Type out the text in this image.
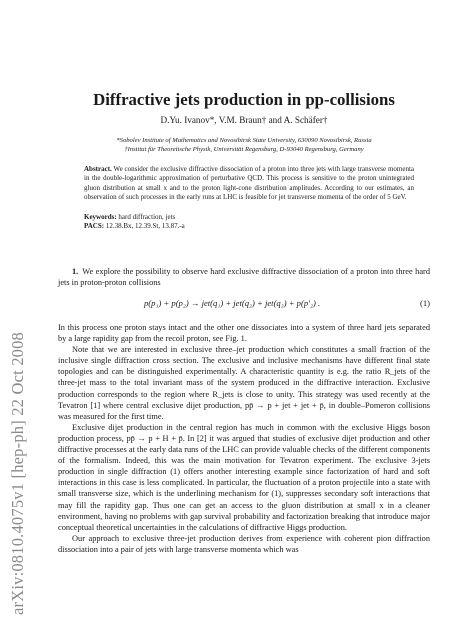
arXiv:0810.4075v1 [hep-ph] 22 Oct 2008
Diffractive jets production in pp-collisions
D.Yu. Ivanov*, V.M. Braun† and A. Schäfer†
*Sobolev Institute of Mathematics and Novosibirsk State University, 630090 Novosibirsk, Russia
†Institut für Theoretische Physik, Universität Regensburg, D-93040 Regensburg, Germany
Abstract. We consider the exclusive diffractive dissociation of a proton into three jets with large transverse momenta in the double-logarithmic approximation of perturbative QCD. This process is sensitive to the proton unintegrated gluon distribution at small x and to the proton light-cone distribution amplitudes. According to our estimates, an observation of such processes in the early runs at LHC is feasible for jet transverse momenta of the order of 5 GeV.
Keywords: hard diffraction, jets
PACS: 12.38.Bx, 12.39.St, 13.87.-a

1. We explore the possibility to observe hard exclusive diffractive dissociation of a proton into three hard jets in proton-proton collisions

p(p₁) + p(p₂) → jet(q₁) + jet(q₂) + jet(q₃) + p(p′₂) .	(1)

In this process one proton stays intact and the other one dissociates into a system of three hard jets separated by a large rapidity gap from the recoil proton, see Fig. 1.

Note that we are interested in exclusive three–jet production which constitutes a small fraction of the inclusive single diffraction cross section. The exclusive and inclusive mechanisms have different final state topologies and can be distinguished experimentally. A characteristic quantity is e.g. the ratio R_jets of the three-jet mass to the total invariant mass of the system produced in the diffractive interaction. Exclusive production corresponds to the region where R_jets is close to unity. This strategy was used recently at the Tevatron [1] where central exclusive dijet production, pp̄ → p + jet + jet + p̄, in double–Pomeron collisions was measured for the first time.

Exclusive dijet production in the central region has much in common with the exclusive Higgs boson production process, pp̄ → p + H + p̄. In [2] it was argued that studies of exclusive dijet production and other diffractive processes at the early data runs of the LHC can provide valuable checks of the different components of the formalism. Indeed, this was the main motivation for Tevatron experiment. The exclusive 3-jets production in single diffraction (1) offers another interesting example since factorization of hard and soft interactions in this case is less complicated. In particular, the fluctuation of a proton projectile into a state with small transverse size, which is the underlining mechanism for (1), suppresses secondary soft interactions that may fill the rapidity gap. Thus one can get an access to the gluon distribution at small x in a cleaner environment, having no problems with gap survival probability and factorization breaking that introduce major conceptual theoretical uncertainties in the calculations of diffractive Higgs production.

Our approach to exclusive three-jet production derives from experience with coherent pion diffraction dissociation into a pair of jets with large transverse momenta which was
